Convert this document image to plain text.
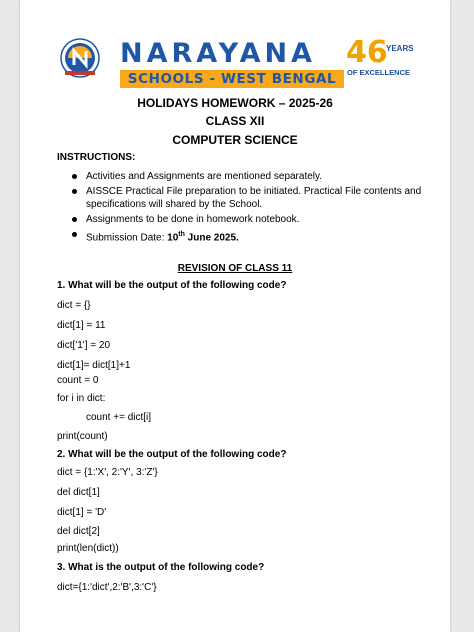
NARAYANA
SCHOOLS - WEST BENGAL
46
YEARS
OF EXCELLENCE
HOLIDAYS HOMEWORK – 2025-26
CLASS XII
COMPUTER SCIENCE
INSTRUCTIONS:
Activities and Assignments are mentioned separately.
AISSCE Practical File preparation to be initiated. Practical File contents and specifications will shared by the School.
Assignments to be done in homework notebook.
Submission Date: 10th June 2025.
REVISION OF CLASS 11
1. What will be the output of the following code?
dict = {}
dict[1] = 11
dict['1'] = 20
dict[1]= dict[1]+1
count = 0
for i in dict:
count += dict[i]
print(count)
2. What will be the output of the following code?
dict = {1:'X', 2:'Y', 3:'Z'}
del dict[1]
dict[1] = 'D'
del dict[2]
print(len(dict))
3. What is the output of the following code?
dict={1:'dict',2:'B',3:'C'}
